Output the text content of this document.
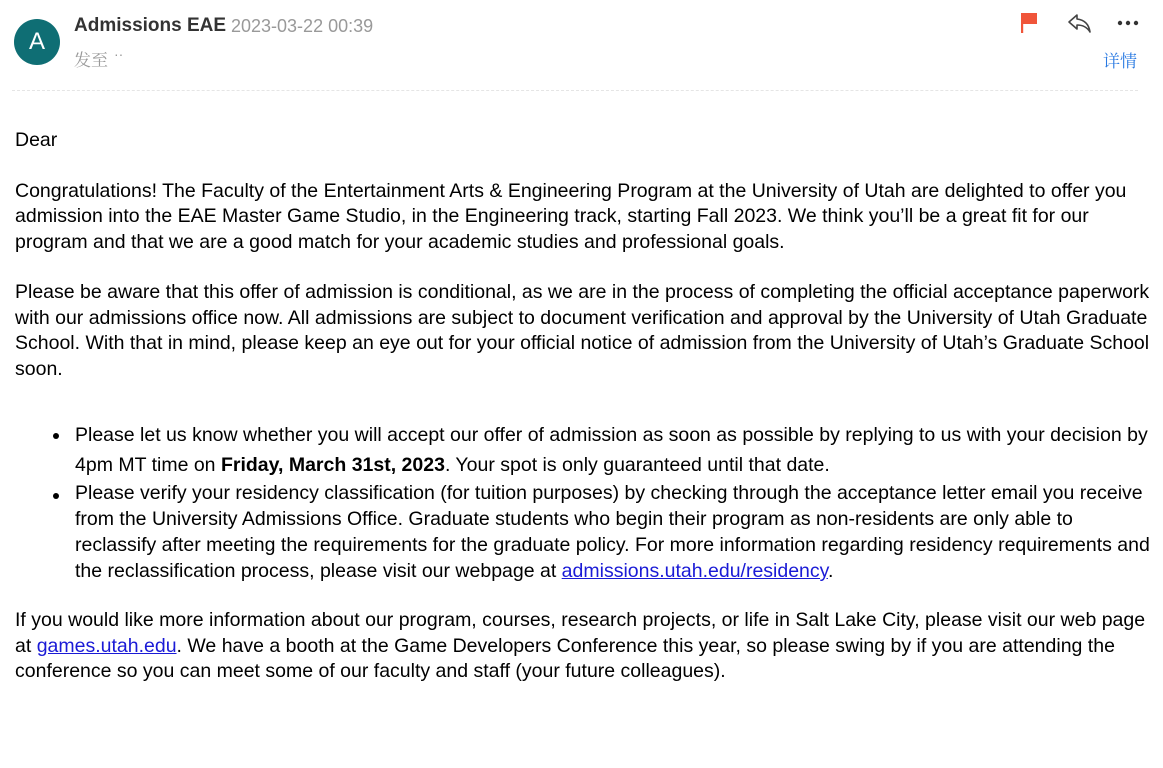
A
Admissions EAE 2023-03-22 00:39
发至 ··	详情

Dear

Congratulations! The Faculty of the Entertainment Arts & Engineering Program at the University of Utah are delighted to offer you admission into the EAE Master Game Studio, in the Engineering track, starting Fall 2023. We think you’ll be a great fit for our program and that we are a good match for your academic studies and professional goals.

Please be aware that this offer of admission is conditional, as we are in the process of completing the official acceptance paperwork with our admissions office now. All admissions are subject to document verification and approval by the University of Utah Graduate School. With that in mind, please keep an eye out for your official notice of admission from the University of Utah’s Graduate School soon.

Please let us know whether you will accept our offer of admission as soon as possible by replying to us with your decision by 4pm MT time on Friday, March 31st, 2023. Your spot is only guaranteed until that date.
Please verify your residency classification (for tuition purposes) by checking through the acceptance letter email you receive from the University Admissions Office. Graduate students who begin their program as non-residents are only able to reclassify after meeting the requirements for the graduate policy. For more information regarding residency requirements and the reclassification process, please visit our webpage at admissions.utah.edu/residency.

If you would like more information about our program, courses, research projects, or life in Salt Lake City, please visit our web page at games.utah.edu. We have a booth at the Game Developers Conference this year, so please swing by if you are attending the conference so you can meet some of our faculty and staff (your future colleagues).
